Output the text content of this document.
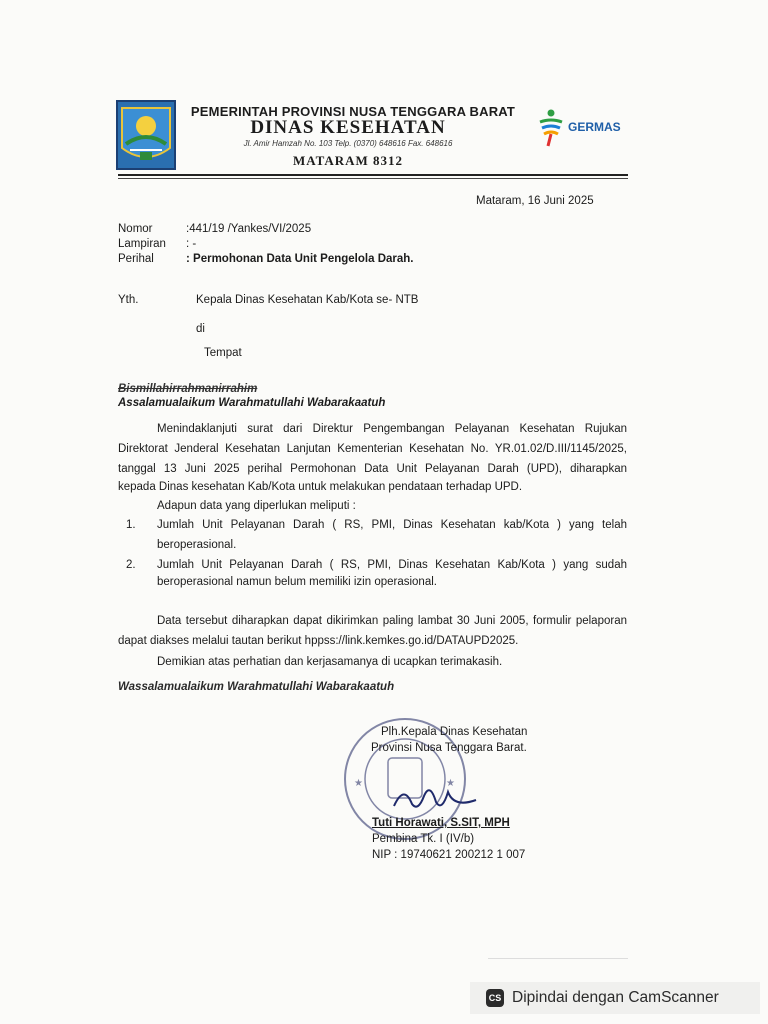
PEMERINTAH PROVINSI NUSA TENGGARA BARAT
DINAS KESEHATAN
Jl. Amir Hamzah No. 103 Telp. (0370) 648616 Fax. 648616
MATARAM 8312
GERMAS
Mataram, 16 Juni 2025
Nomor	:441/19 /Yankes/VI/2025
Lampiran : -
Perihal	: Permohonan Data Unit Pengelola Darah.
Yth.	Kepala Dinas Kesehatan Kab/Kota se- NTB
di
Tempat
Bismillahirrahmanirrahim
Assalamualaikum Warahmatullahi Wabarakaatuh
Menindaklanjuti surat dari Direktur Pengembangan Pelayanan Kesehatan Rujukan
Direktorat Jenderal Kesehatan Lanjutan Kementerian Kesehatan No. YR.01.02/D.III/1145/2025,
tanggal 13 Juni 2025 perihal Permohonan Data Unit Pelayanan Darah (UPD), diharapkan
kepada Dinas kesehatan Kab/Kota untuk melakukan pendataan terhadap UPD.
Adapun data yang diperlukan meliputi :
1. Jumlah Unit Pelayanan Darah ( RS, PMI, Dinas Kesehatan kab/Kota ) yang telah
beroperasional.
2. Jumlah Unit Pelayanan Darah ( RS, PMI, Dinas Kesehatan Kab/Kota ) yang sudah
beroperasional namun belum memiliki izin operasional.
Data tersebut diharapkan dapat dikirimkan paling lambat 30 Juni 2005, formulir pelaporan
dapat diakses melalui tautan berikut hppss://link.kemkes.go.id/DATAUPD2025.
Demikian atas perhatian dan kerjasamanya di ucapkan terimakasih.
Wassalamualaikum Warahmatullahi Wabarakaatuh
★	★
Plh.Kepala Dinas Kesehatan
Provinsi Nusa Tenggara Barat.
Tuti Horawati, S.SIT, MPH
Pembina Tk. I (IV/b)
NIP : 19740621 200212 1 007
CS Dipindai dengan CamScanner
